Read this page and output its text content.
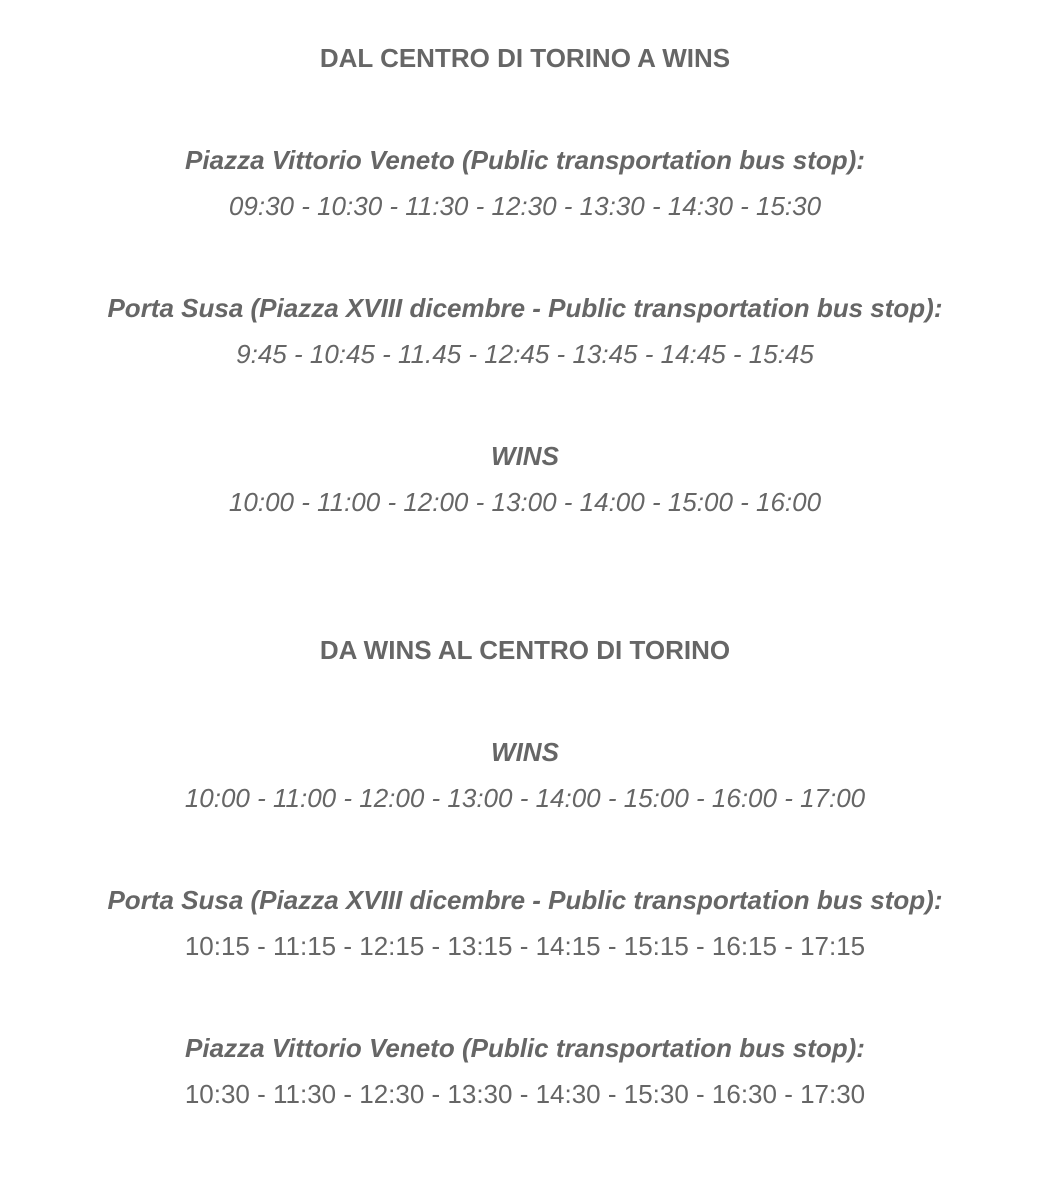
DAL CENTRO DI TORINO A WINS

Piazza Vittorio Veneto (Public transportation bus stop):

09:30 - 10:30 - 11:30 - 12:30 - 13:30 - 14:30 - 15:30

Porta Susa (Piazza XVIII dicembre - Public transportation bus stop):

9:45 - 10:45 - 11.45 - 12:45 - 13:45 - 14:45 - 15:45

WINS

10:00 - 11:00 - 12:00 - 13:00 - 14:00 - 15:00 - 16:00

DA WINS AL CENTRO DI TORINO

WINS

10:00 - 11:00 - 12:00 - 13:00 - 14:00 - 15:00 - 16:00 - 17:00

Porta Susa (Piazza XVIII dicembre - Public transportation bus stop):

10:15 - 11:15 - 12:15 - 13:15 - 14:15 - 15:15 - 16:15 - 17:15

Piazza Vittorio Veneto (Public transportation bus stop):

10:30 - 11:30 - 12:30 - 13:30 - 14:30 - 15:30 - 16:30 - 17:30
